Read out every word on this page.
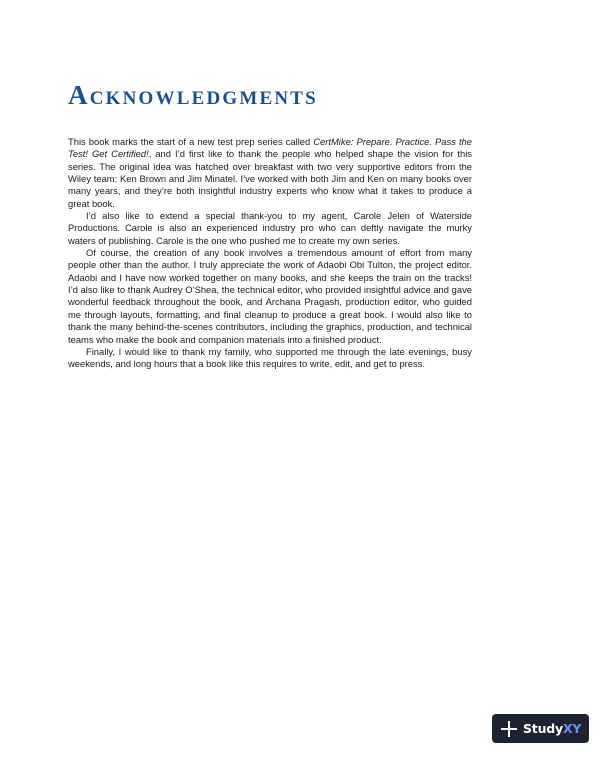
Acknowledgments

This book marks the start of a new test prep series called CertMike: Prepare. Practice. Pass the Test! Get Certified!, and I’d first like to thank the people who helped shape the vision for this series. The original idea was hatched over breakfast with two very supportive editors from the Wiley team: Ken Brown and Jim Minatel. I’ve worked with both Jim and Ken on many books over many years, and they’re both insightful industry experts who know what it takes to produce a great book.

I’d also like to extend a special thank-you to my agent, Carole Jelen of Waterside Productions. Carole is also an experienced industry pro who can deftly navigate the murky waters of publishing. Carole is the one who pushed me to create my own series.

Of course, the creation of any book involves a tremendous amount of effort from many people other than the author. I truly appreciate the work of Adaobi Obi Tulton, the project editor. Adaobi and I have now worked together on many books, and she keeps the train on the tracks! I’d also like to thank Audrey O’Shea, the technical editor, who provided insightful advice and gave wonderful feedback throughout the book, and Archana Pragash, production editor, who guided me through layouts, formatting, and final cleanup to produce a great book. I would also like to thank the many behind-the-scenes contributors, including the graphics, production, and technical teams who make the book and companion materials into a finished product.

Finally, I would like to thank my family, who supported me through the late evenings, busy weekends, and long hours that a book like this requires to write, edit, and get to press.

StudyXY
